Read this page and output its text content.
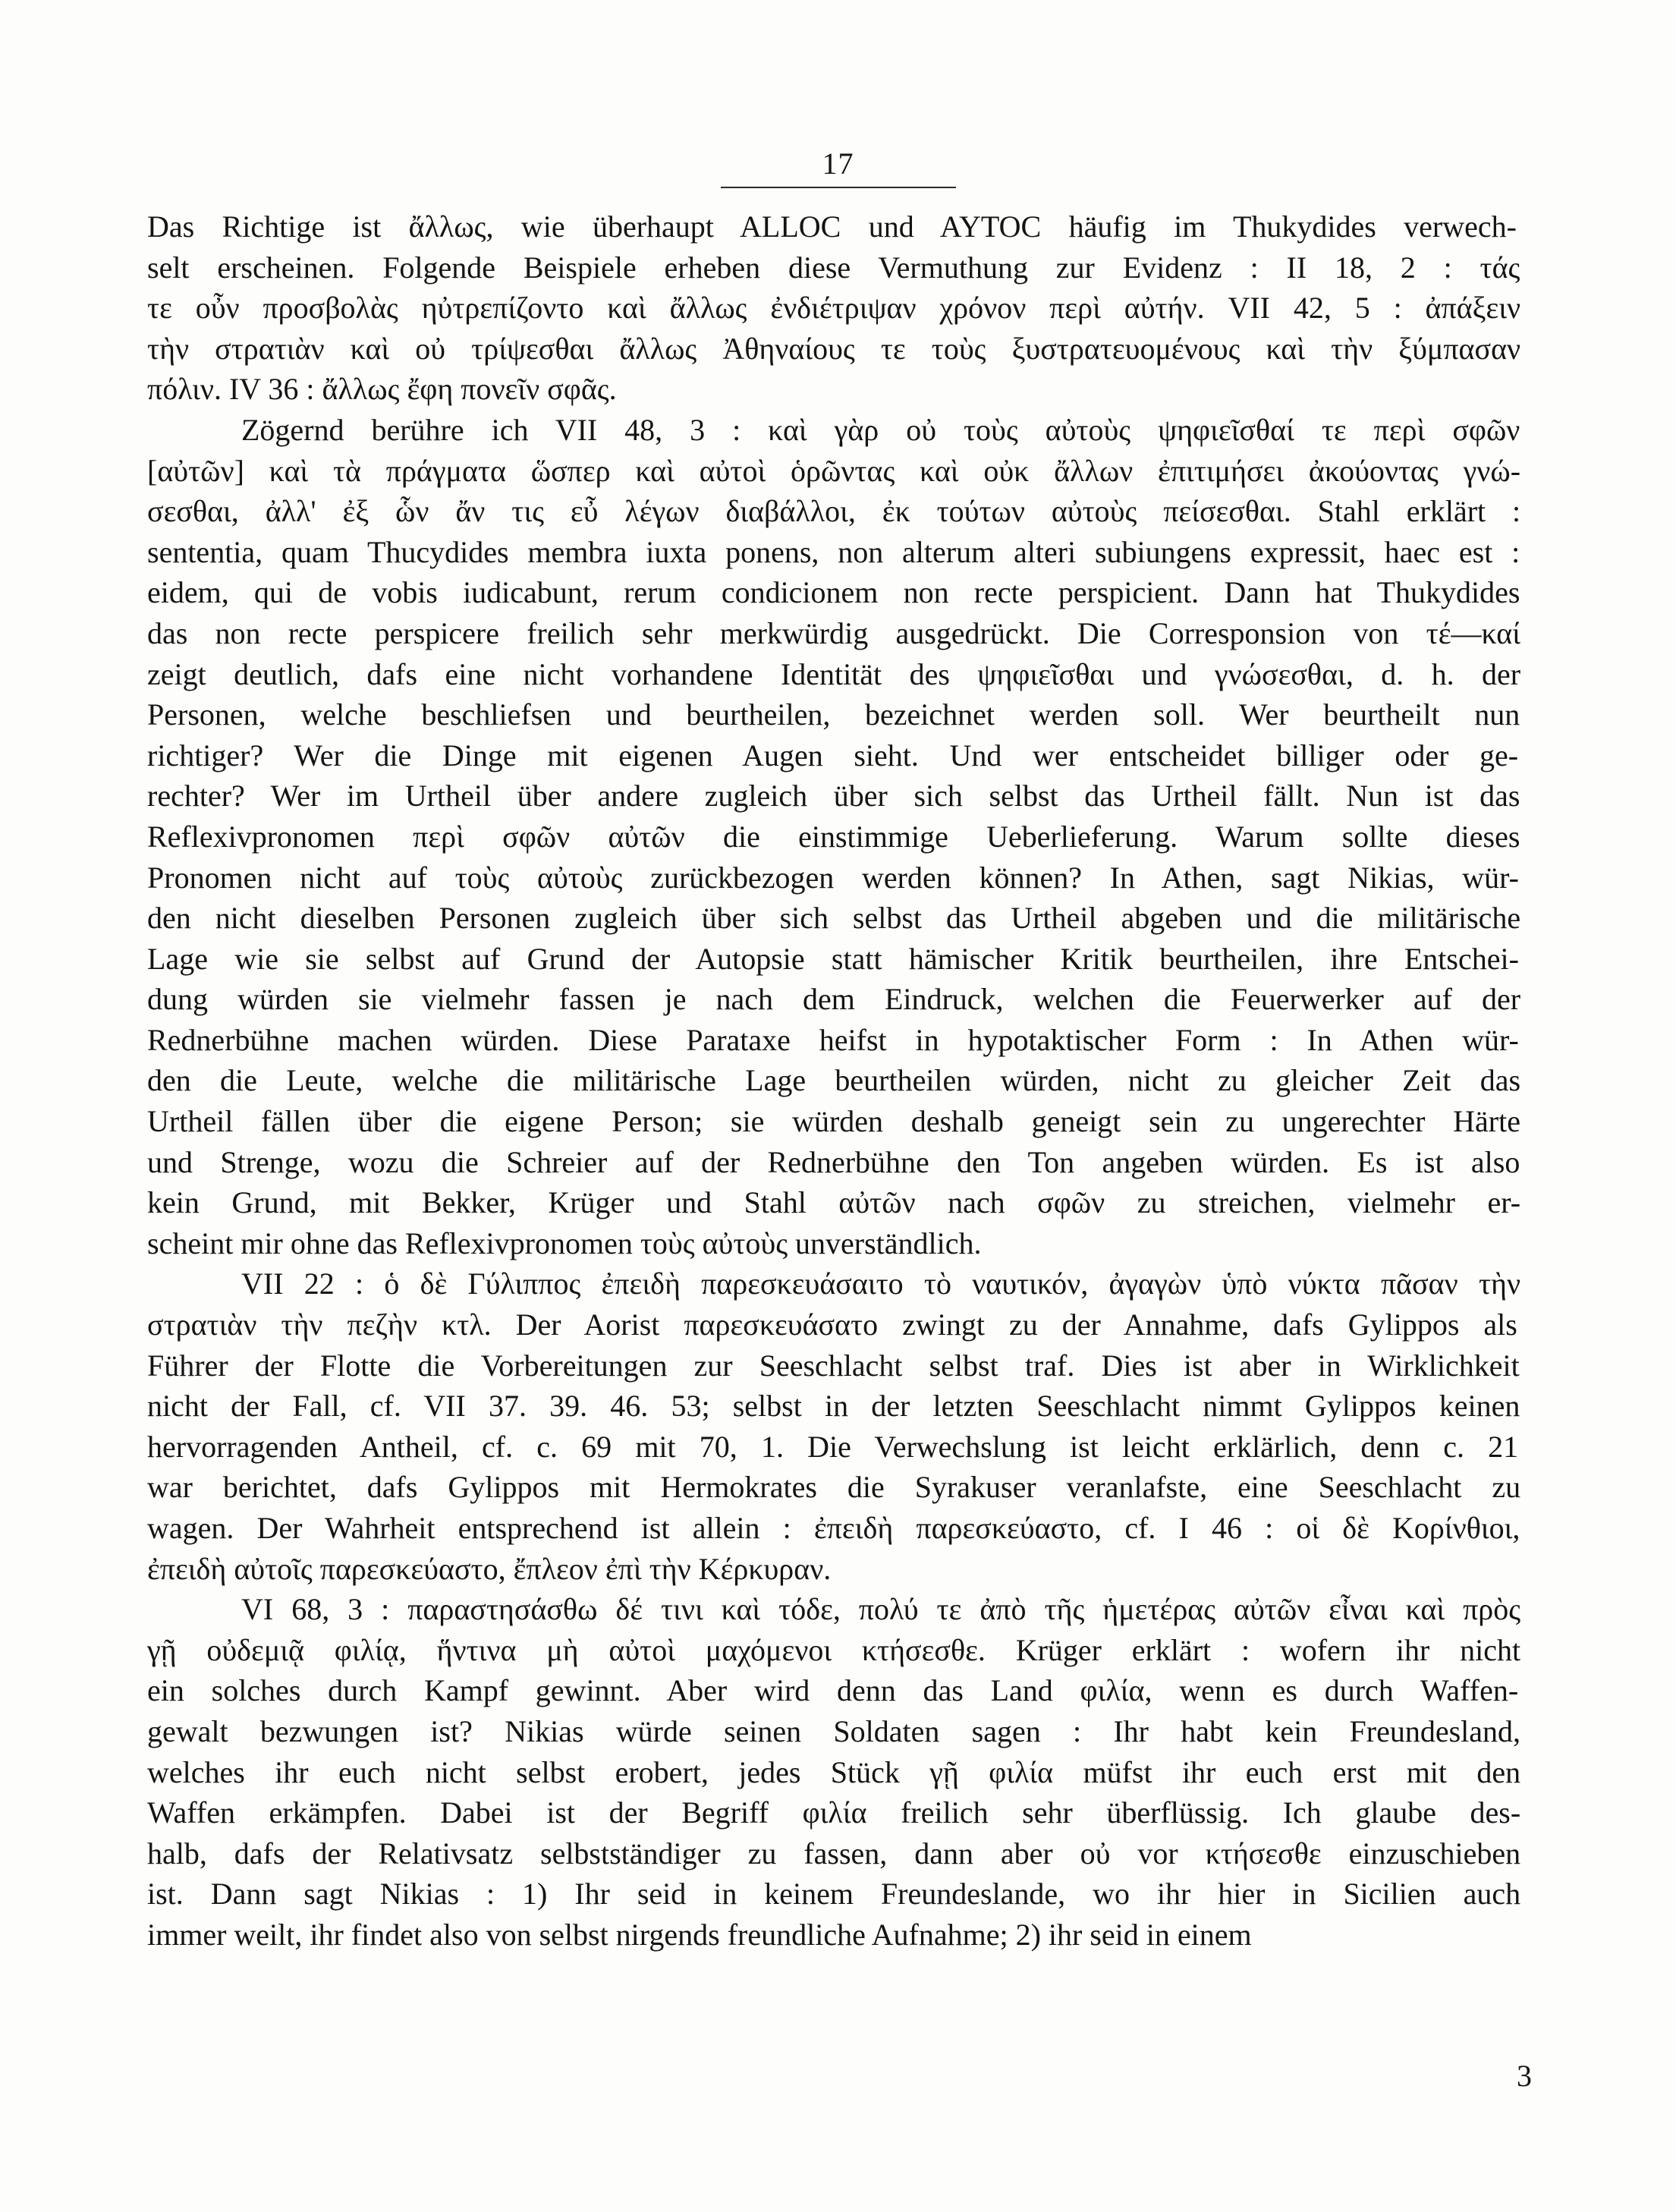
17
Das Richtige ist ἄλλως, wie überhaupt ALLOC und AYTOC häufig im Thukydides verwech-
selt erscheinen. Folgende Beispiele erheben diese Vermuthung zur Evidenz : II 18, 2 : τάς
τε οὖν προσβολὰς ηὐτρεπίζοντο καὶ ἄλλως ἐνδιέτριψαν χρόνον περὶ αὐτήν. VII 42, 5 : ἀπάξειν
τὴν στρατιὰν καὶ οὐ τρίψεσθαι ἄλλως Ἀθηναίους τε τοὺς ξυστρατευομένους καὶ τὴν ξύμπασαν
πόλιν. IV 36 : ἄλλως ἔφη πονεῖν σφᾶς.
Zögernd berühre ich VII 48, 3 : καὶ γὰρ οὐ τοὺς αὐτοὺς ψηφιεῖσθαί τε περὶ σφῶν
[αὐτῶν] καὶ τὰ πράγματα ὥσπερ καὶ αὐτοὶ ὁρῶντας καὶ οὐκ ἄλλων ἐπιτιμήσει ἀκούοντας γνώ-
σεσθαι, ἀλλ' ἐξ ὧν ἄν τις εὖ λέγων διαβάλλοι, ἐκ τούτων αὐτοὺς πείσεσθαι. Stahl erklärt :
sententia, quam Thucydides membra iuxta ponens, non alterum alteri subiungens expressit, haec est :
eidem, qui de vobis iudicabunt, rerum condicionem non recte perspicient. Dann hat Thukydides
das non recte perspicere freilich sehr merkwürdig ausgedrückt. Die Corresponsion von τέ—καί
zeigt deutlich, dafs eine nicht vorhandene Identität des ψηφιεῖσθαι und γνώσεσθαι, d. h. der
Personen, welche beschliefsen und beurtheilen, bezeichnet werden soll. Wer beurtheilt nun
richtiger? Wer die Dinge mit eigenen Augen sieht. Und wer entscheidet billiger oder ge-
rechter? Wer im Urtheil über andere zugleich über sich selbst das Urtheil fällt. Nun ist das
Reflexivpronomen περὶ σφῶν αὐτῶν die einstimmige Ueberlieferung. Warum sollte dieses
Pronomen nicht auf τοὺς αὐτοὺς zurückbezogen werden können? In Athen, sagt Nikias, wür-
den nicht dieselben Personen zugleich über sich selbst das Urtheil abgeben und die militärische
Lage wie sie selbst auf Grund der Autopsie statt hämischer Kritik beurtheilen, ihre Entschei-
dung würden sie vielmehr fassen je nach dem Eindruck, welchen die Feuerwerker auf der
Rednerbühne machen würden. Diese Parataxe heifst in hypotaktischer Form : In Athen wür-
den die Leute, welche die militärische Lage beurtheilen würden, nicht zu gleicher Zeit das
Urtheil fällen über die eigene Person; sie würden deshalb geneigt sein zu ungerechter Härte
und Strenge, wozu die Schreier auf der Rednerbühne den Ton angeben würden. Es ist also
kein Grund, mit Bekker, Krüger und Stahl αὐτῶν nach σφῶν zu streichen, vielmehr er-
scheint mir ohne das Reflexivpronomen τοὺς αὐτοὺς unverständlich.
VII 22 : ὁ δὲ Γύλιππος ἐπειδὴ παρεσκευάσαιτο τὸ ναυτικόν, ἀγαγὼν ὑπὸ νύκτα πᾶσαν τὴν
στρατιὰν τὴν πεζὴν κτλ. Der Aorist παρεσκευάσατο zwingt zu der Annahme, dafs Gylippos als
Führer der Flotte die Vorbereitungen zur Seeschlacht selbst traf. Dies ist aber in Wirklichkeit
nicht der Fall, cf. VII 37. 39. 46. 53; selbst in der letzten Seeschlacht nimmt Gylippos keinen
hervorragenden Antheil, cf. c. 69 mit 70, 1. Die Verwechslung ist leicht erklärlich, denn c. 21
war berichtet, dafs Gylippos mit Hermokrates die Syrakuser veranlafste, eine Seeschlacht zu
wagen. Der Wahrheit entsprechend ist allein : ἐπειδὴ παρεσκεύαστο, cf. I 46 : οἱ δὲ Κορίνθιοι,
ἐπειδὴ αὐτοῖς παρεσκεύαστο, ἔπλεον ἐπὶ τὴν Κέρκυραν.
VI 68, 3 : παραστησάσθω δέ τινι καὶ τόδε, πολύ τε ἀπὸ τῆς ἡμετέρας αὐτῶν εἶναι καὶ πρὸς
γῇ οὐδεμιᾷ φιλίᾳ, ἥντινα μὴ αὐτοὶ μαχόμενοι κτήσεσθε. Krüger erklärt : wofern ihr nicht
ein solches durch Kampf gewinnt. Aber wird denn das Land φιλία, wenn es durch Waffen-
gewalt bezwungen ist? Nikias würde seinen Soldaten sagen : Ihr habt kein Freundesland,
welches ihr euch nicht selbst erobert, jedes Stück γῇ φιλία müfst ihr euch erst mit den
Waffen erkämpfen. Dabei ist der Begriff φιλία freilich sehr überflüssig. Ich glaube des-
halb, dafs der Relativsatz selbstständiger zu fassen, dann aber οὐ vor κτήσεσθε einzuschieben
ist. Dann sagt Nikias : 1) Ihr seid in keinem Freundeslande, wo ihr hier in Sicilien auch
immer weilt, ihr findet also von selbst nirgends freundliche Aufnahme; 2) ihr seid in einem
3
